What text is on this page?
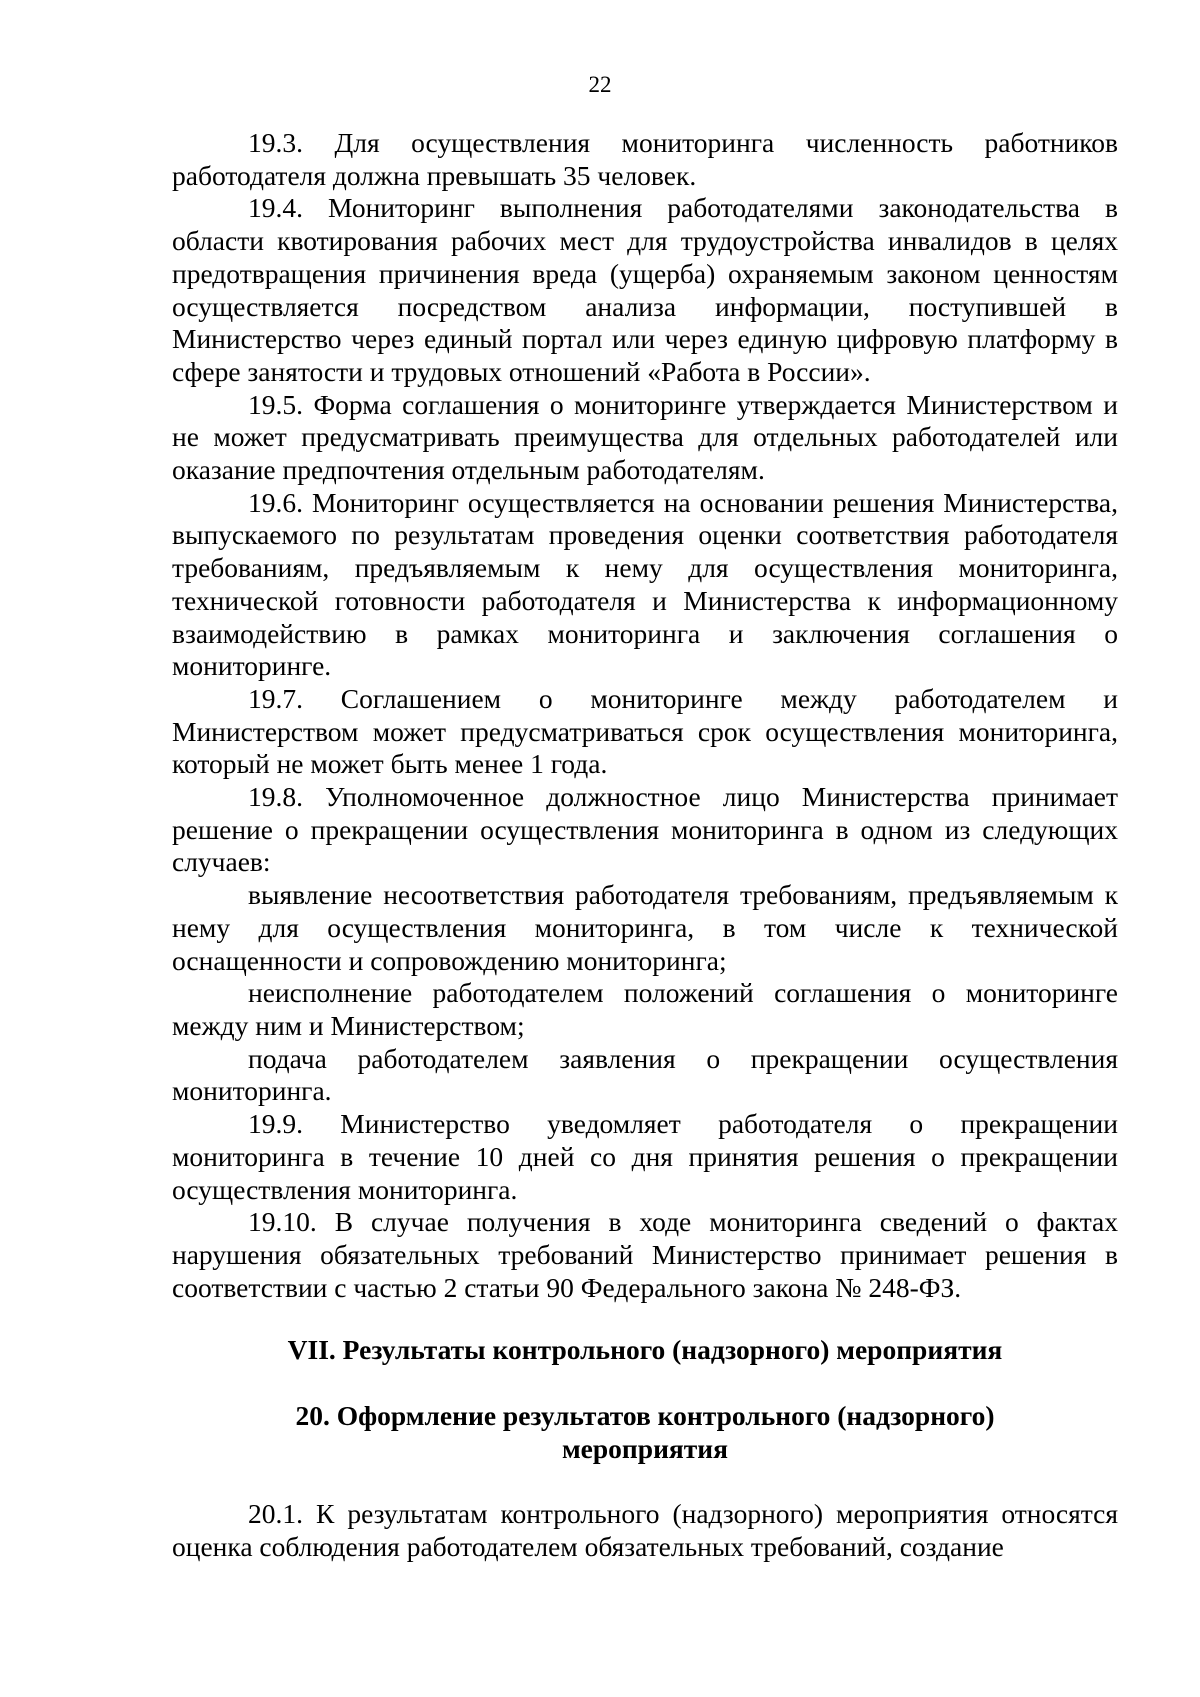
22

19.3. Для осуществления мониторинга численность работников работодателя должна превышать 35 человек.

19.4. Мониторинг выполнения работодателями законодательства в области квотирования рабочих мест для трудоустройства инвалидов в целях предотвращения причинения вреда (ущерба) охраняемым законом ценностям осуществляется посредством анализа информации, поступившей в Министерство через единый портал или через единую цифровую платформу в сфере занятости и трудовых отношений «Работа в России».

19.5. Форма соглашения о мониторинге утверждается Министерством и не может предусматривать преимущества для отдельных работодателей или оказание предпочтения отдельным работодателям.

19.6. Мониторинг осуществляется на основании решения Министерства, выпускаемого по результатам проведения оценки соответствия работодателя требованиям, предъявляемым к нему для осуществления мониторинга, технической готовности работодателя и Министерства к информационному взаимодействию в рамках мониторинга и заключения соглашения о мониторинге.

19.7. Соглашением о мониторинге между работодателем и Министерством может предусматриваться срок осуществления мониторинга, который не может быть менее 1 года.

19.8. Уполномоченное должностное лицо Министерства принимает решение о прекращении осуществления мониторинга в одном из следующих случаев:

выявление несоответствия работодателя требованиям, предъявляемым к нему для осуществления мониторинга, в том числе к технической оснащенности и сопровождению мониторинга;

неисполнение работодателем положений соглашения о мониторинге между ним и Министерством;

подача работодателем заявления о прекращении осуществления мониторинга.

19.9. Министерство уведомляет работодателя о прекращении мониторинга в течение 10 дней со дня принятия решения о прекращении осуществления мониторинга.

19.10. В случае получения в ходе мониторинга сведений о фактах нарушения обязательных требований Министерство принимает решения в соответствии с частью 2 статьи 90 Федерального закона № 248-ФЗ.

VII. Результаты контрольного (надзорного) мероприятия

20. Оформление результатов контрольного (надзорного)
мероприятия

20.1. К результатам контрольного (надзорного) мероприятия относятся оценка соблюдения работодателем обязательных требований, создание
